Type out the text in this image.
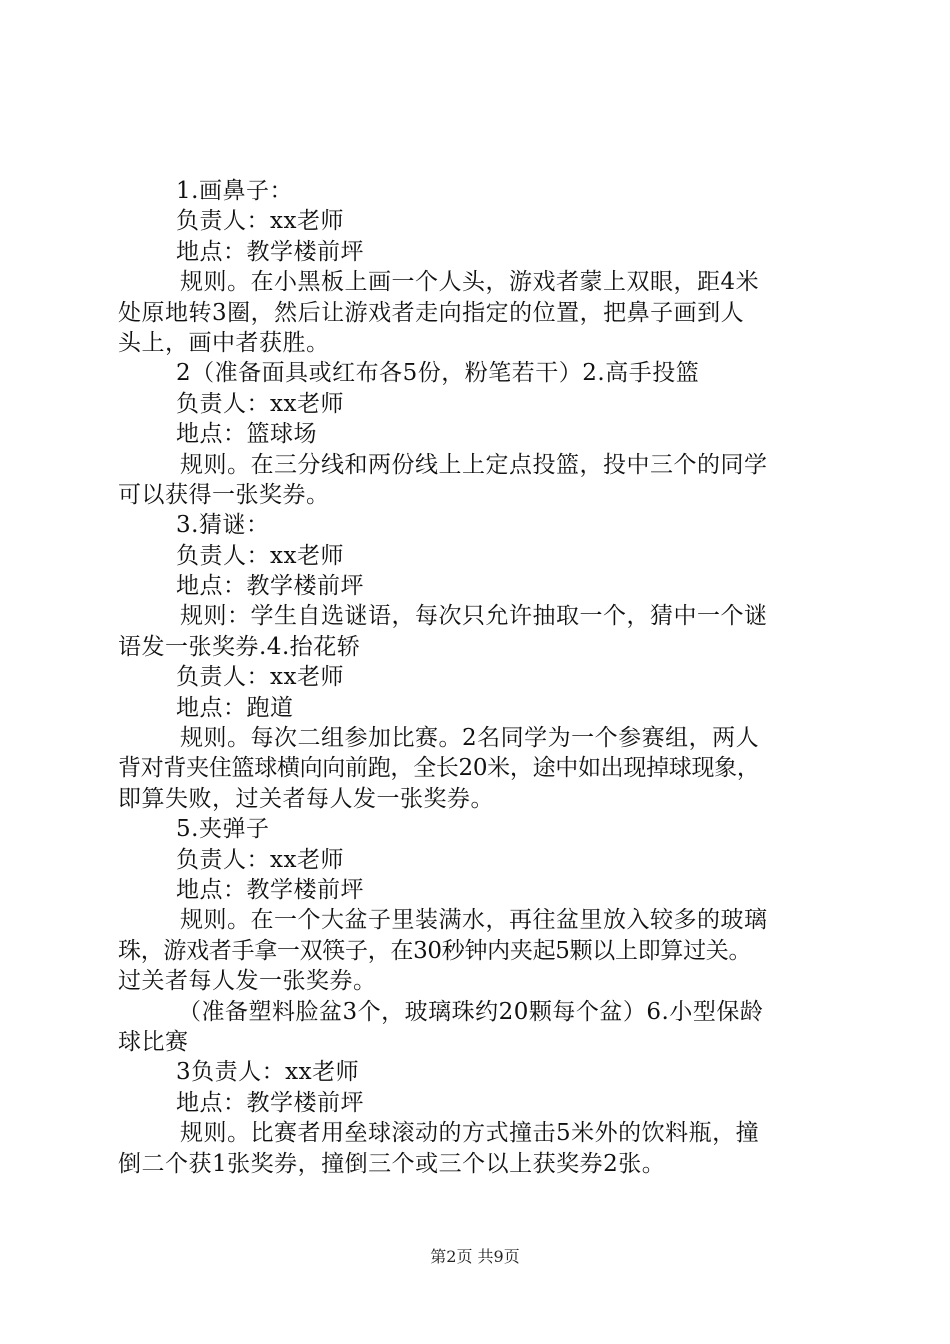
1.画鼻子：
负责人：xx老师
地点：教学楼前坪
规则。在小黑板上画一个人头，游戏者蒙上双眼，距4米
处原地转3圈，然后让游戏者走向指定的位置，把鼻子画到人
头上，画中者获胜。
2（准备面具或红布各5份，粉笔若干）2.高手投篮
负责人：xx老师
地点：篮球场
规则。在三分线和两份线上上定点投篮，投中三个的同学
可以获得一张奖券。
3.猜谜：
负责人：xx老师
地点：教学楼前坪
规则：学生自选谜语，每次只允许抽取一个，猜中一个谜
语发一张奖券.4.抬花轿
负责人：xx老师
地点：跑道
规则。每次二组参加比赛。2名同学为一个参赛组，两人
背对背夹住篮球横向向前跑，全长20米，途中如出现掉球现象，
即算失败，过关者每人发一张奖券。
5.夹弹子
负责人：xx老师
地点：教学楼前坪
规则。在一个大盆子里装满水，再往盆里放入较多的玻璃
珠，游戏者手拿一双筷子，在30秒钟内夹起5颗以上即算过关。
过关者每人发一张奖券。
（准备塑料脸盆3个，玻璃珠约20颗每个盆）6.小型保龄
球比赛
3负责人：xx老师
地点：教学楼前坪
规则。比赛者用垒球滚动的方式撞击5米外的饮料瓶，撞
倒二个获1张奖券，撞倒三个或三个以上获奖券2张。
第2页 共9页
